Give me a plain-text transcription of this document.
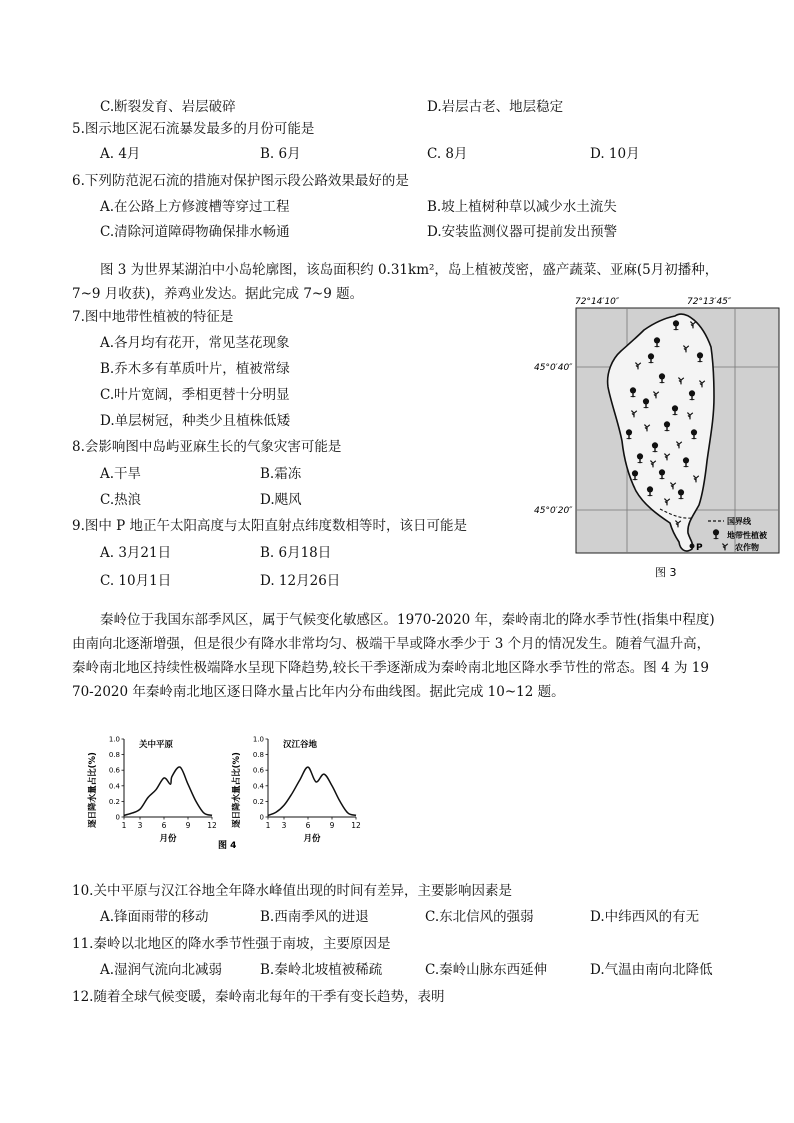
C.断裂发育、岩层破碎	D.岩层古老、地层稳定
5.图示地区泥石流暴发最多的月份可能是
A. 4月	B. 6月	C. 8月	D. 10月
6.下列防范泥石流的措施对保护图示段公路效果最好的是
A.在公路上方修渡槽等穿过工程	B.坡上植树种草以减少水土流失
C.清除河道障碍物确保排水畅通	D.安装监测仪器可提前发出预警
图 3 为世界某湖泊中小岛轮廓图，该岛面积约 0.31km²，岛上植被茂密，盛产蔬菜、亚麻(5月初播种，
7~9 月收获)，养鸡业发达。据此完成 7~9 题。
7.图中地带性植被的特征是
A.各月均有花开，常见茎花现象
B.乔木多有革质叶片，植被常绿
C.叶片宽阔，季相更替十分明显
D.单层树冠，种类少且植株低矮
8.会影响图中岛屿亚麻生长的气象灾害可能是
A.干旱	B.霜冻
C.热浪	D.飓风
9.图中 P 地正午太阳高度与太阳直射点纬度数相等时，该日可能是
A. 3月21日	B. 6月18日
C. 10月1日	D. 12月26日
P
72°14′10″	72°13′45″
45°0′40″
45°0′20″
国界线
地带性植被
农作物
图 3
秦岭位于我国东部季风区，属于气候变化敏感区。1970-2020 年，秦岭南北的降水季节性(指集中程度)
由南向北逐渐增强，但是很少有降水非常均匀、极端干旱或降水季少于 3 个月的情况发生。随着气温升高，
秦岭南北地区持续性极端降水呈现下降趋势,较长干季逐渐成为秦岭南北地区降水季节性的常态。图 4 为 19
70-2020 年秦岭南北地区逐日降水量占比年内分布曲线图。据此完成 10~12 题。
逐日降水量占比(%)
关中平原
0
0.2
0.4
0.6
0.8
1.0
1 3	6	9 12
月份
逐日降水量占比(%)
汉江谷地
0
0.2
0.4
0.6
0.8
1.0
1 3	6	9 12
月份
图 4
10.关中平原与汉江谷地全年降水峰值出现的时间有差异，主要影响因素是
A.锋面雨带的移动	B.西南季风的进退	C.东北信风的强弱	D.中纬西风的有无
11.秦岭以北地区的降水季节性强于南坡，主要原因是
A.湿润气流向北减弱	B.秦岭北坡植被稀疏	C.秦岭山脉东西延伸	D.气温由南向北降低
12.随着全球气候变暖，秦岭南北每年的干季有变长趋势，表明
